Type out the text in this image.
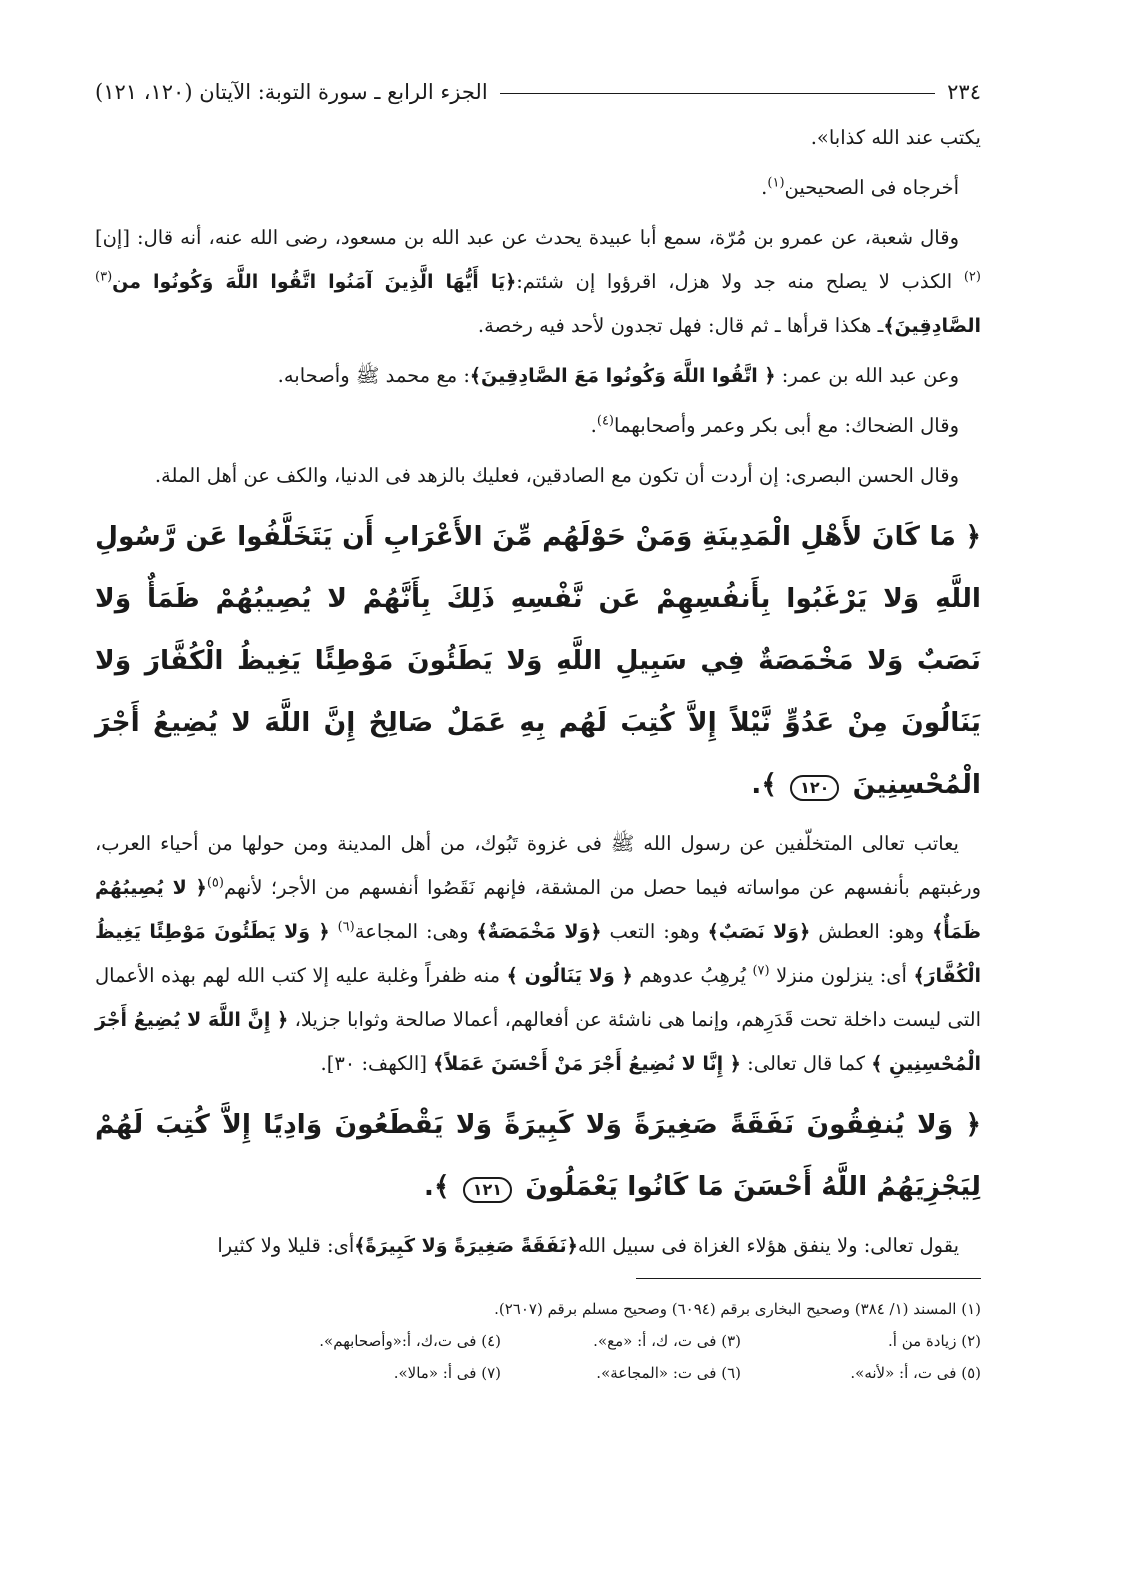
٢٣٤
الجزء الرابع ـ سورة التوبة: الآيتان (١٢٠، ١٢١)

يكتب عند الله كذابا».

أخرجاه فى الصحيحين$^{(١)}$.

وقال شعبة، عن عمرو بن مُرّة، سمع أبا عبيدة يحدث عن عبد الله بن مسعود، رضى الله عنه، أنه قال: [إن] $^{(٢)}$ الكذب لا يصلح منه جد ولا هزل، اقرؤوا إن شئتم:﴿يَا أَيُّهَا الَّذِينَ آمَنُوا اتَّقُوا اللَّهَ وَكُونُوا من$^{(٣)}$ الصَّادِقِينَ﴾ـ هكذا قرأها ـ ثم قال: فهل تجدون لأحد فيه رخصة.

وعن عبد الله بن عمر: ﴿ اتَّقُوا اللَّهَ وَكُونُوا مَعَ الصَّادِقِينَ﴾: مع محمد ﷺ وأصحابه.

وقال الضحاك: مع أبى بكر وعمر وأصحابهما$^{(٤)}$.

وقال الحسن البصرى: إن أردت أن تكون مع الصادقين، فعليك بالزهد فى الدنيا، والكف عن أهل الملة.

﴿ مَا كَانَ لأَهْلِ الْمَدِينَةِ وَمَنْ حَوْلَهُم مِّنَ الأَعْرَابِ أَن يَتَخَلَّفُوا عَن رَّسُولِ اللَّهِ وَلا يَرْغَبُوا بِأَنفُسِهِمْ عَن نَّفْسِهِ ذَلِكَ بِأَنَّهُمْ لا يُصِيبُهُمْ ظَمَأٌ وَلا نَصَبٌ وَلا مَخْمَصَةٌ فِي سَبِيلِ اللَّهِ وَلا يَطَئُونَ مَوْطِئًا يَغِيظُ الْكُفَّارَ وَلا يَنَالُونَ مِنْ عَدُوٍّ نَّيْلاً إِلاَّ كُتِبَ لَهُم بِهِ عَمَلٌ صَالِحٌ إِنَّ اللَّهَ لا يُضِيعُ أَجْرَ الْمُحْسِنِينَ ١٢٠ ﴾.

يعاتب تعالى المتخلّفين عن رسول الله ﷺ فى غزوة تَبُوك، من أهل المدينة ومن حولها من أحياء العرب، ورغبتهم بأنفسهم عن مواساته فيما حصل من المشقة، فإنهم نَقَصُوا أنفسهم من الأجر؛ لأنهم$^{(٥)}$﴿ لا يُصِيبُهُمْ ظَمَأٌ﴾ وهو: العطش ﴿وَلا نَصَبٌ﴾ وهو: التعب ﴿وَلا مَخْمَصَةٌ﴾ وهى: المجاعة$^{(٦)}$ ﴿ وَلا يَطَئُونَ مَوْطِئًا يَغِيظُ الْكُفَّارَ﴾ أى: ينزلون منزلا $^{(٧)}$ يُرهِبُ عدوهم ﴿ وَلا يَنَالُون ﴾ منه ظفراً وغلبة عليه إلا كتب الله لهم بهذه الأعمال التى ليست داخلة تحت قَدَرِهم، وإنما هى ناشئة عن أفعالهم، أعمالا صالحة وثوابا جزيلا، ﴿ إِنَّ اللَّهَ لا يُضِيعُ أَجْرَ الْمُحْسِنِينِ ﴾ كما قال تعالى: ﴿ إِنَّا لا نُضِيعُ أَجْرَ مَنْ أَحْسَنَ عَمَلاً﴾ [الكهف: ٣٠].

﴿ وَلا يُنفِقُونَ نَفَقَةً صَغِيرَةً وَلا كَبِيرَةً وَلا يَقْطَعُونَ وَادِيًا إِلاَّ كُتِبَ لَهُمْ لِيَجْزِيَهُمُ اللَّهُ أَحْسَنَ مَا كَانُوا يَعْمَلُونَ ١٢١ ﴾.

يقول تعالى: ولا ينفق هؤلاء الغزاة فى سبيل الله﴿نَفَقَةً صَغِيرَةً وَلا كَبِيرَةً﴾أى: قليلا ولا كثيرا

(١) المسند (١/ ٣٨٤) وصحيح البخارى برقم (٦٠٩٤) وصحيح مسلم برقم (٢٦٠٧).
(٢) زيادة من أ.
(٣) فى ت، ك، أ: «مع».
(٤) فى ت،ك، أ:«وأصحابهم».
(٥) فى ت، أ: «لأنه».
(٦) فى ت: «المجاعة».
(٧) فى أ: «مالا».
